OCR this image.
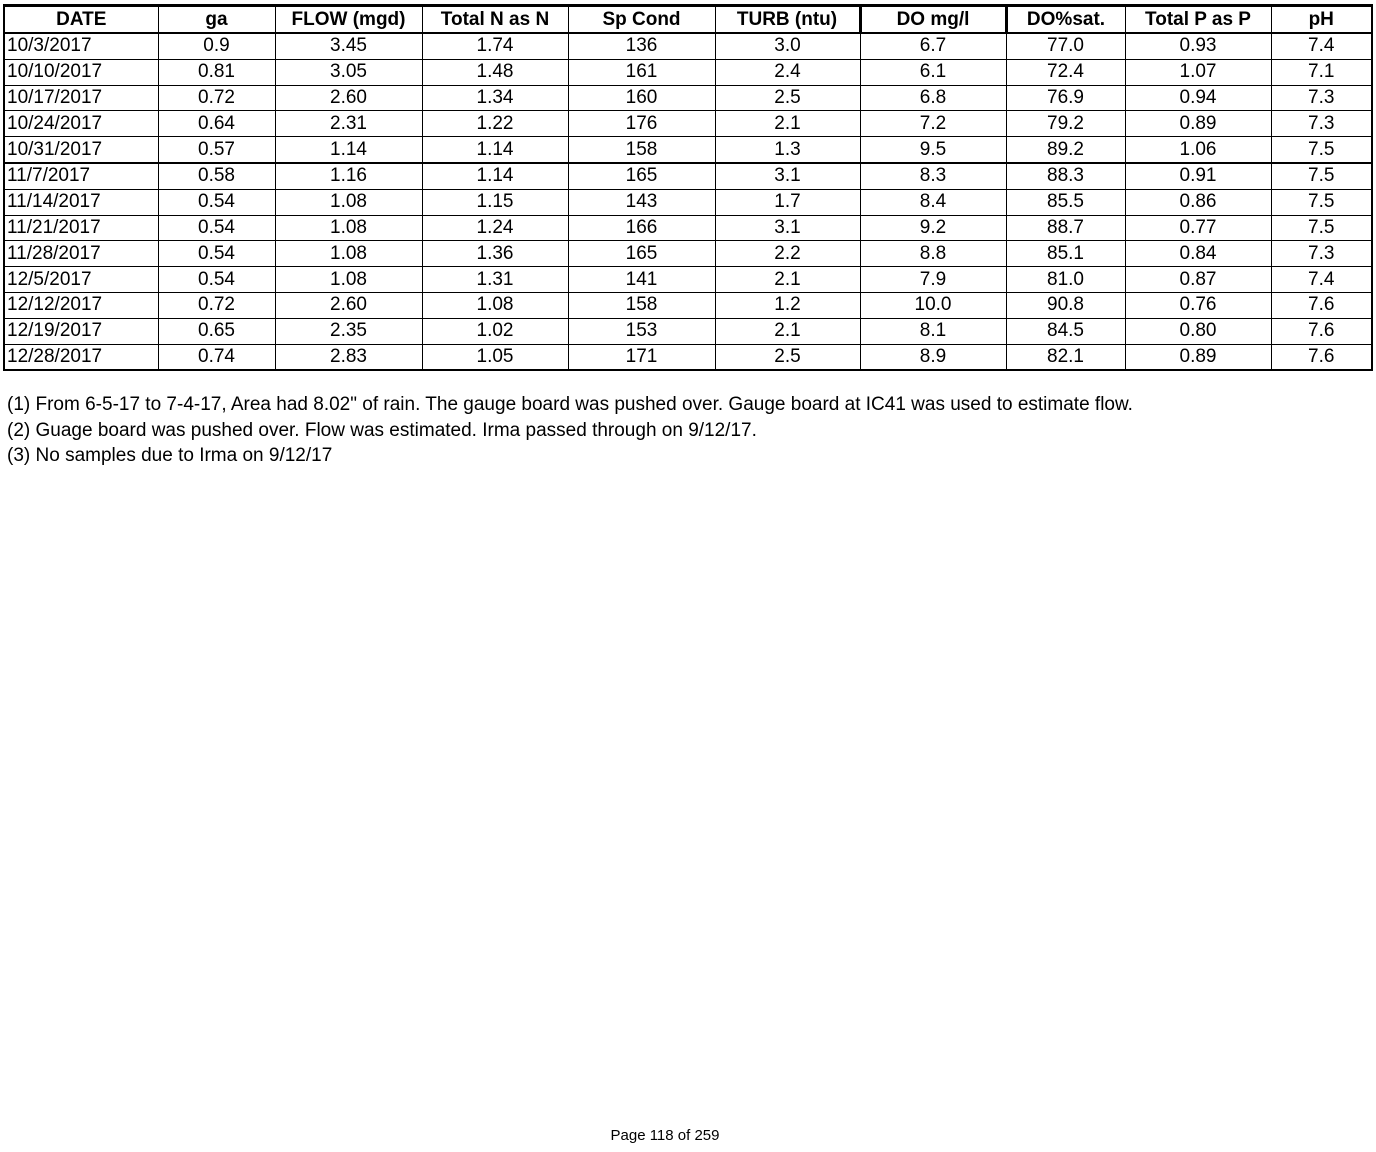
DATE	ga	FLOW (mgd)	Total N as N	Sp Cond	TURB (ntu)	DO mg/l	DO%sat.	Total P as P	pH
10/3/2017	0.9	3.45	1.74	136	3.0	6.7	77.0	0.93	7.4
10/10/2017	0.81	3.05	1.48	161	2.4	6.1	72.4	1.07	7.1
10/17/2017	0.72	2.60	1.34	160	2.5	6.8	76.9	0.94	7.3
10/24/2017	0.64	2.31	1.22	176	2.1	7.2	79.2	0.89	7.3
10/31/2017	0.57	1.14	1.14	158	1.3	9.5	89.2	1.06	7.5
11/7/2017	0.58	1.16	1.14	165	3.1	8.3	88.3	0.91	7.5
11/14/2017	0.54	1.08	1.15	143	1.7	8.4	85.5	0.86	7.5
11/21/2017	0.54	1.08	1.24	166	3.1	9.2	88.7	0.77	7.5
11/28/2017	0.54	1.08	1.36	165	2.2	8.8	85.1	0.84	7.3
12/5/2017	0.54	1.08	1.31	141	2.1	7.9	81.0	0.87	7.4
12/12/2017	0.72	2.60	1.08	158	1.2	10.0	90.8	0.76	7.6
12/19/2017	0.65	2.35	1.02	153	2.1	8.1	84.5	0.80	7.6
12/28/2017	0.74	2.83	1.05	171	2.5	8.9	82.1	0.89	7.6
(1) From 6-5-17 to 7-4-17, Area had 8.02" of rain. The gauge board was pushed over. Gauge board at IC41 was used to estimate flow.
(2) Guage board was pushed over. Flow was estimated. Irma passed through on 9/12/17.
(3) No samples due to Irma on 9/12/17
Page 118 of 259
